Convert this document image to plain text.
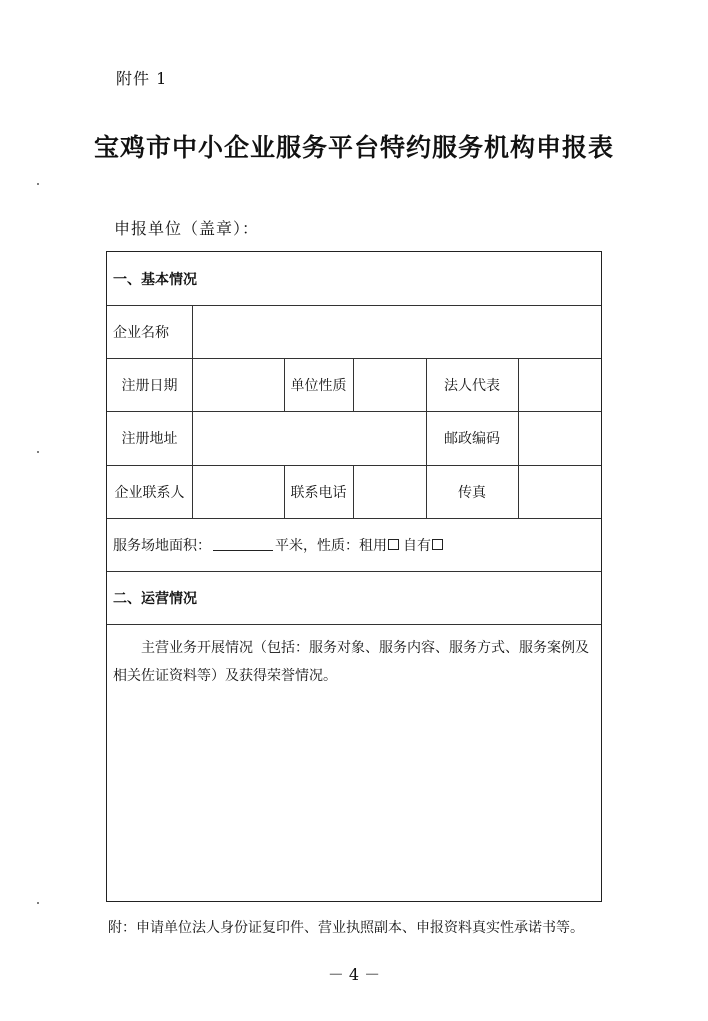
附件 1
宝鸡市中小企业服务平台特约服务机构申报表
申报单位（盖章）：
一、基本情况
企业名称
注册日期	单位性质	法人代表
注册地址	邮政编码
企业联系人	联系电话	传真
服务场地面积：	平米，性质： 租用 自有
二、运营情况
主营业务开展情况（包括：服务对象、服务内容、服务方式、服务案例及相关佐证资料等）及获得荣誉情况。
附：申请单位法人身份证复印件、营业执照副本、申报资料真实性承诺书等。
－ 4 －
